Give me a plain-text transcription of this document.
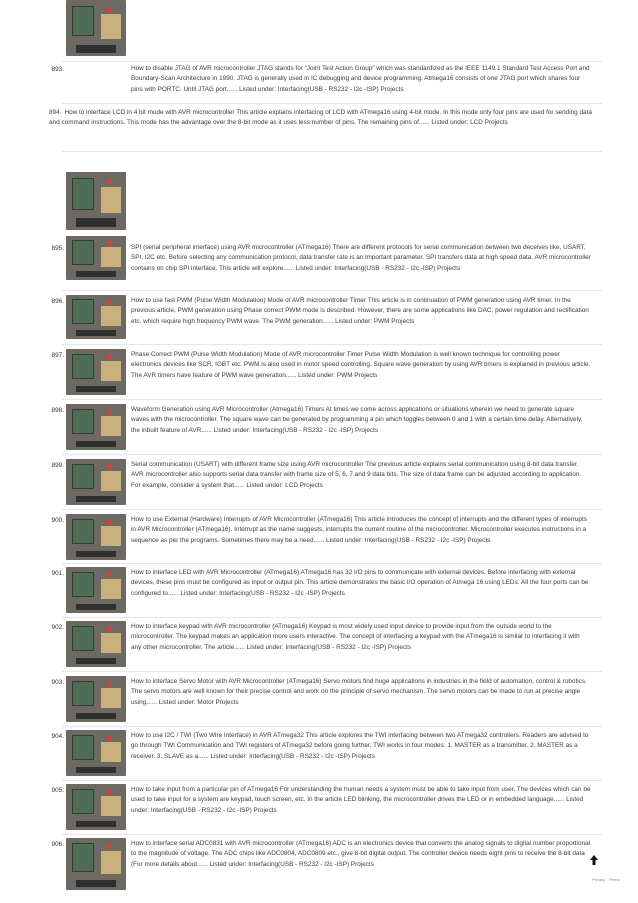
893.	How to disable JTAG of AVR microcontroller JTAG stands for “Joint Test Action Group” which was standardized as the IEEE 1149.1 Standard Test Access Port and Boundary-Scan Architecture in 1990. JTAG is generally used in IC debugging and device programming. Atmega16 consists of one JTAG port which shares four pins with PORTC. Until JTAG port...... Listed under: Interfacing(USB - RS232 - I2c -ISP) Projects
894. How to interface LCD in 4 bit mode with AVR microcontroller This article explains interfacing of LCD with ATmega16 using 4-bit mode. In this mode only four pins are used for sending data and command instructions. This mode has the advantage over the 8-bit mode as it uses less number of pins. The remaining pins of...... Listed under: LCD Projects
895.	SPI (serial peripheral interface) using AVR microcontroller (ATmega16) There are different protocols for serial communication between two deceives like, USART, SPI, I2C etc. Before selecting any communication protocol, data transfer rate is an important parameter. SPI transfers data at high speed data. AVR microcontroller contains on chip SPI interface. This article will explore...... Listed under: Interfacing(USB - RS232 - I2c -ISP) Projects
896.	How to use fast PWM (Pulse Width Modulation) Mode of AVR microcontroller Timer This article is in continuation of PWM generation using AVR timer. In the previous article, PWM generation using Phase correct PWM mode is described. However, there are some applications like DAC, power regulation and rectification etc. which require high frequency PWM wave. The PWM generation...... Listed under: PWM Projects
897.	Phase Correct PWM (Pulse Width Modulation) Mode of AVR microcontroller Timer Pulse Width Modulation is well known technique for controlling power electronics devices like SCR, IGBT etc. PWM is also used in motor speed controlling. Square wave generation by using AVR timers is explained in previous article. The AVR timers have feature of PWM wave generation...... Listed under: PWM Projects
898.	Waveform Generation using AVR Microcontroller (Atmega16) Timers At times we come across applications or situations wherein we need to generate square waves with the microcontroller. The square wave can be generated by programming a pin which toggles between 0 and 1 with a certain time delay. Alternatively, the inbuilt feature of AVR...... Listed under: Interfacing(USB - RS232 - I2c -ISP) Projects
899.	Serial communication (USART) with different frame size using AVR microcontroller The previous article explains serial communication using 8-bit data transfer. AVR microcontroller also supports serial data transfer with frame size of 5, 6, 7 and 9 data bits. The size of data frame can be adjusted according to application. For example, consider a system that...... Listed under: LCD Projects
900.	How to use External (Hardware) Interrupts of AVR Microcontroller (ATmega16) This article introduces the concept of interrupts and the different types of interrupts in AVR Microcontroller (ATmega16). Interrupt as the name suggests, interrupts the current routine of the microcontroller. Microcontroller executes instructions in a sequence as per the programs. Sometimes there may be a need...... Listed under: Interfacing(USB - RS232 - I2c -ISP) Projects
901.	How to interface LED with AVR Microcontroller (ATmega16) ATmega16 has 32 I/O pins to communicate with external devices. Before interfacing with external devices, these pins must be configured as input or output pin. This article demonstrates the basic I/O operation of Atmega 16 using LEDs. All the four ports can be configured to...... Listed under: Interfacing(USB - RS232 - I2c -ISP) Projects
902.	How to interface keypad with AVR microcontroller (ATmega16) Keypad is most widely used input device to provide input from the outside world to the microcontroller. The keypad makes an application more users interactive. The concept of interfacing a keypad with the ATmega16 is similar to interfacing it with any other microcontroller. The article...... Listed under: Interfacing(USB - RS232 - I2c -ISP) Projects
903.	How to interface Servo Motor with AVR Microcontroller (ATmega16) Servo motors find huge applications in industries in the field of automation, control & robotics. The servo motors are well known for their precise control and work on the principle of servo mechanism. The servo motors can be made to run at precise angle using...... Listed under: Motor Projects
904.	How to use I2C / TWI (Two Wire Interface) in AVR ATmega32 This article explores the TWI interfacing between two ATmega32 controllers. Readers are advised to go through TWI Communication and TWI registers of ATmega32 before going further. TWI works in four modes: 1. MASTER as a transmitter. 2. MASTER as a receiver. 3. SLAVE as a...... Listed under: Interfacing(USB - RS232 - I2c -ISP) Projects
905.	How to take input from a particular pin of ATmega16 For understanding the human needs a system must be able to take input from user. The devices which can be used to take input for a system are keypad, touch screen, etc. In the article LED blinking, the microcontroller drives the LED or in embedded language...... Listed under: Interfacing(USB - RS232 - I2c -ISP) Projects
906.	How to interface serial ADC0831 with AVR microcontroller (ATmega16) ADC is an electronics device that converts the analog signals to digital number proportional to the magnitude of voltage. The ADC chips like ADC0804, ADC0809 etc., give 8-bit digital output. The controller device needs eight pins to receive the 8-bit data (For more details about...... Listed under: Interfacing(USB - RS232 - I2c -ISP) Projects
Privacy - Terms
